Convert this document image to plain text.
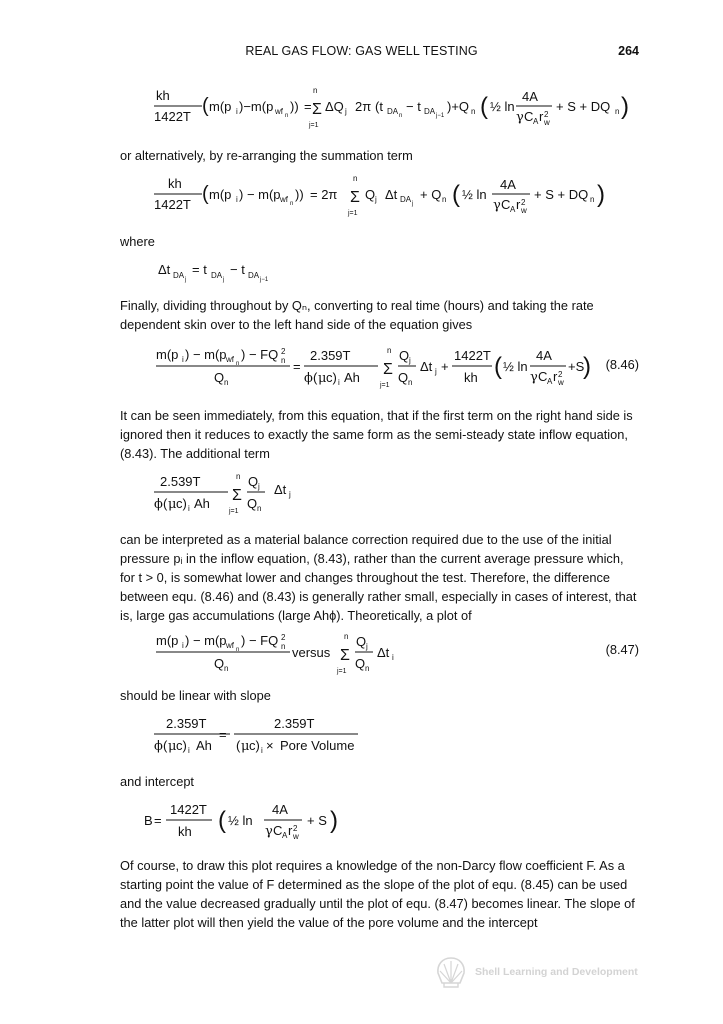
REAL GAS FLOW: GAS WELL TESTING	264
kh
1422T ( m(p i )−m(p wf n
)) =
n
Σ
j=1
ΔQ j 2π (t DA n
− t DA j−1
)+Q n ( ½ ln
4A
γ C A r 2
w
+ S + DQ n )

or alternatively, by re-arranging the summation term

kh
1422T ( m(p i ) − m(p wf n
)) = 2π
n
Σ
j=1
Q j Δt DA j
+ Q n ( ½ ln
4A
γ C A r 2
w
+ S + DQ n )

where

Δt DA j
= t DA j
− t DA j−1

Finally, dividing throughout by Qₙ, converting to real time (hours) and taking the rate dependent skin over to the left hand side of the equation gives

m(p i ) − m(p wf n
) − FQ 2
n
Q n
=
2.359T
ϕ ( μ c) i Ah
n
Σ
j=1
Q j
Q n
Δt j +
1422T
kh ( ½ ln
4A
γ C A r 2
w
+S
) (8.46)

It can be seen immediately, from this equation, that if the first term on the right hand side is ignored then it reduces to exactly the same form as the semi-steady state inflow equation, (8.43). The additional term

2.539T
ϕ ( μ c) i Ah
n
Σ
j=1
Q j
Q n
Δt j

can be interpreted as a material balance correction required due to the use of the initial pressure pᵢ in the inflow equation, (8.43), rather than the current average pressure which, for t > 0, is somewhat lower and changes throughout the test. Therefore, the difference between equ. (8.46) and (8.43) is generally rather small, especially in cases of interest, that is, large gas accumulations (large Ahϕ). Theoretically, a plot of

m(p i ) − m(p wf n
) − FQ 2
n
Q n
versus
n
Σ
j=1
Q j
Q n
Δt i
(8.47)

should be linear with slope

2.359T
ϕ ( μ c) i Ah
=
2.359T
( μ c) i × Pore Volume

and intercept

B =
1422T
kh ( ½ ln
4A
γ C A r 2
w
+ S )

Of course, to draw this plot requires a knowledge of the non-Darcy flow coefficient F. As a starting point the value of F determined as the slope of the plot of equ. (8.45) can be used and the value decreased gradually until the plot of equ. (8.47) becomes linear. The slope of the latter plot will then yield the value of the pore volume and the intercept

Shell Learning and Development
